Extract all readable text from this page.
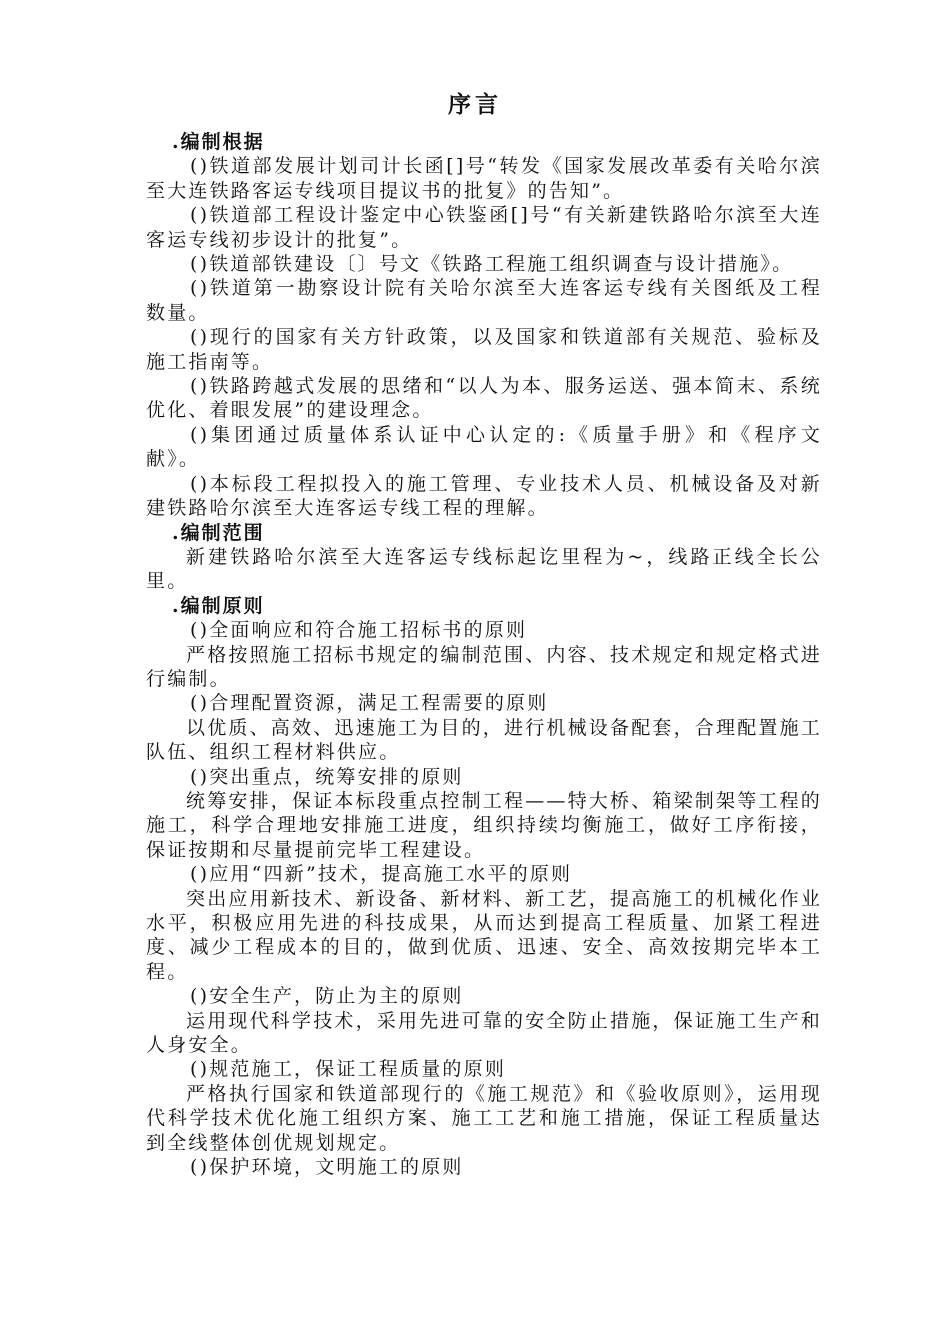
序言

.编制根据

()铁道部发展计划司计长函[]号“转发《国家发展改革委有关哈尔滨至大连铁路客运专线项目提议书的批复》的告知”。

()铁道部工程设计鉴定中心铁鉴函[]号“有关新建铁路哈尔滨至大连客运专线初步设计的批复”。

()铁道部铁建设〔〕号文《铁路工程施工组织调查与设计措施》。

()铁道第一勘察设计院有关哈尔滨至大连客运专线有关图纸及工程数量。

()现行的国家有关方针政策，以及国家和铁道部有关规范、验标及施工指南等。

()铁路跨越式发展的思绪和“以人为本、服务运送、强本简末、系统优化、着眼发展”的建设理念。

()集团通过质量体系认证中心认定的:《质量手册》和《程序文献》。

()本标段工程拟投入的施工管理、专业技术人员、机械设备及对新建铁路哈尔滨至大连客运专线工程的理解。

.编制范围

新建铁路哈尔滨至大连客运专线标起讫里程为~，线路正线全长公里。

.编制原则

()全面响应和符合施工招标书的原则

严格按照施工招标书规定的编制范围、内容、技术规定和规定格式进行编制。

()合理配置资源，满足工程需要的原则

以优质、高效、迅速施工为目的，进行机械设备配套，合理配置施工队伍、组织工程材料供应。

()突出重点，统筹安排的原则

统筹安排，保证本标段重点控制工程——特大桥、箱梁制架等工程的施工，科学合理地安排施工进度，组织持续均衡施工，做好工序衔接，保证按期和尽量提前完毕工程建设。

()应用“四新”技术，提高施工水平的原则

突出应用新技术、新设备、新材料、新工艺，提高施工的机械化作业水平，积极应用先进的科技成果，从而达到提高工程质量、加紧工程进度、减少工程成本的目的，做到优质、迅速、安全、高效按期完毕本工程。

()安全生产，防止为主的原则

运用现代科学技术，采用先进可靠的安全防止措施，保证施工生产和人身安全。

()规范施工，保证工程质量的原则

严格执行国家和铁道部现行的《施工规范》和《验收原则》，运用现代科学技术优化施工组织方案、施工工艺和施工措施，保证工程质量达到全线整体创优规划规定。

()保护环境，文明施工的原则
